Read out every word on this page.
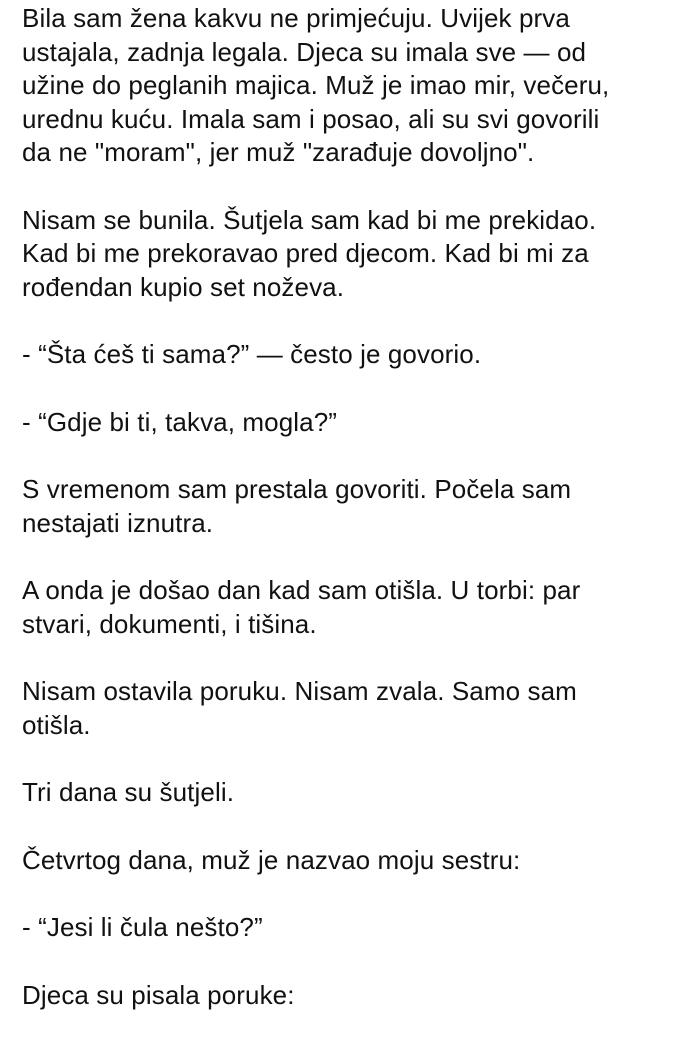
Bila sam žena kakvu ne primjećuju. Uvijek prva
ustajala, zadnja legala. Djeca su imala sve — od
užine do peglanih majica. Muž je imao mir, večeru,
urednu kuću. Imala sam i posao, ali su svi govorili
da ne "moram", jer muž "zarađuje dovoljno".

Nisam se bunila. Šutjela sam kad bi me prekidao.
Kad bi me prekoravao pred djecom. Kad bi mi za
rođendan kupio set noževa.

- “Šta ćeš ti sama?” — često je govorio.

- “Gdje bi ti, takva, mogla?”

S vremenom sam prestala govoriti. Počela sam
nestajati iznutra.

A onda je došao dan kad sam otišla. U torbi: par
stvari, dokumenti, i tišina.

Nisam ostavila poruku. Nisam zvala. Samo sam
otišla.

Tri dana su šutjeli.

Četvrtog dana, muž je nazvao moju sestru:

- “Jesi li čula nešto?”

Djeca su pisala poruke:
